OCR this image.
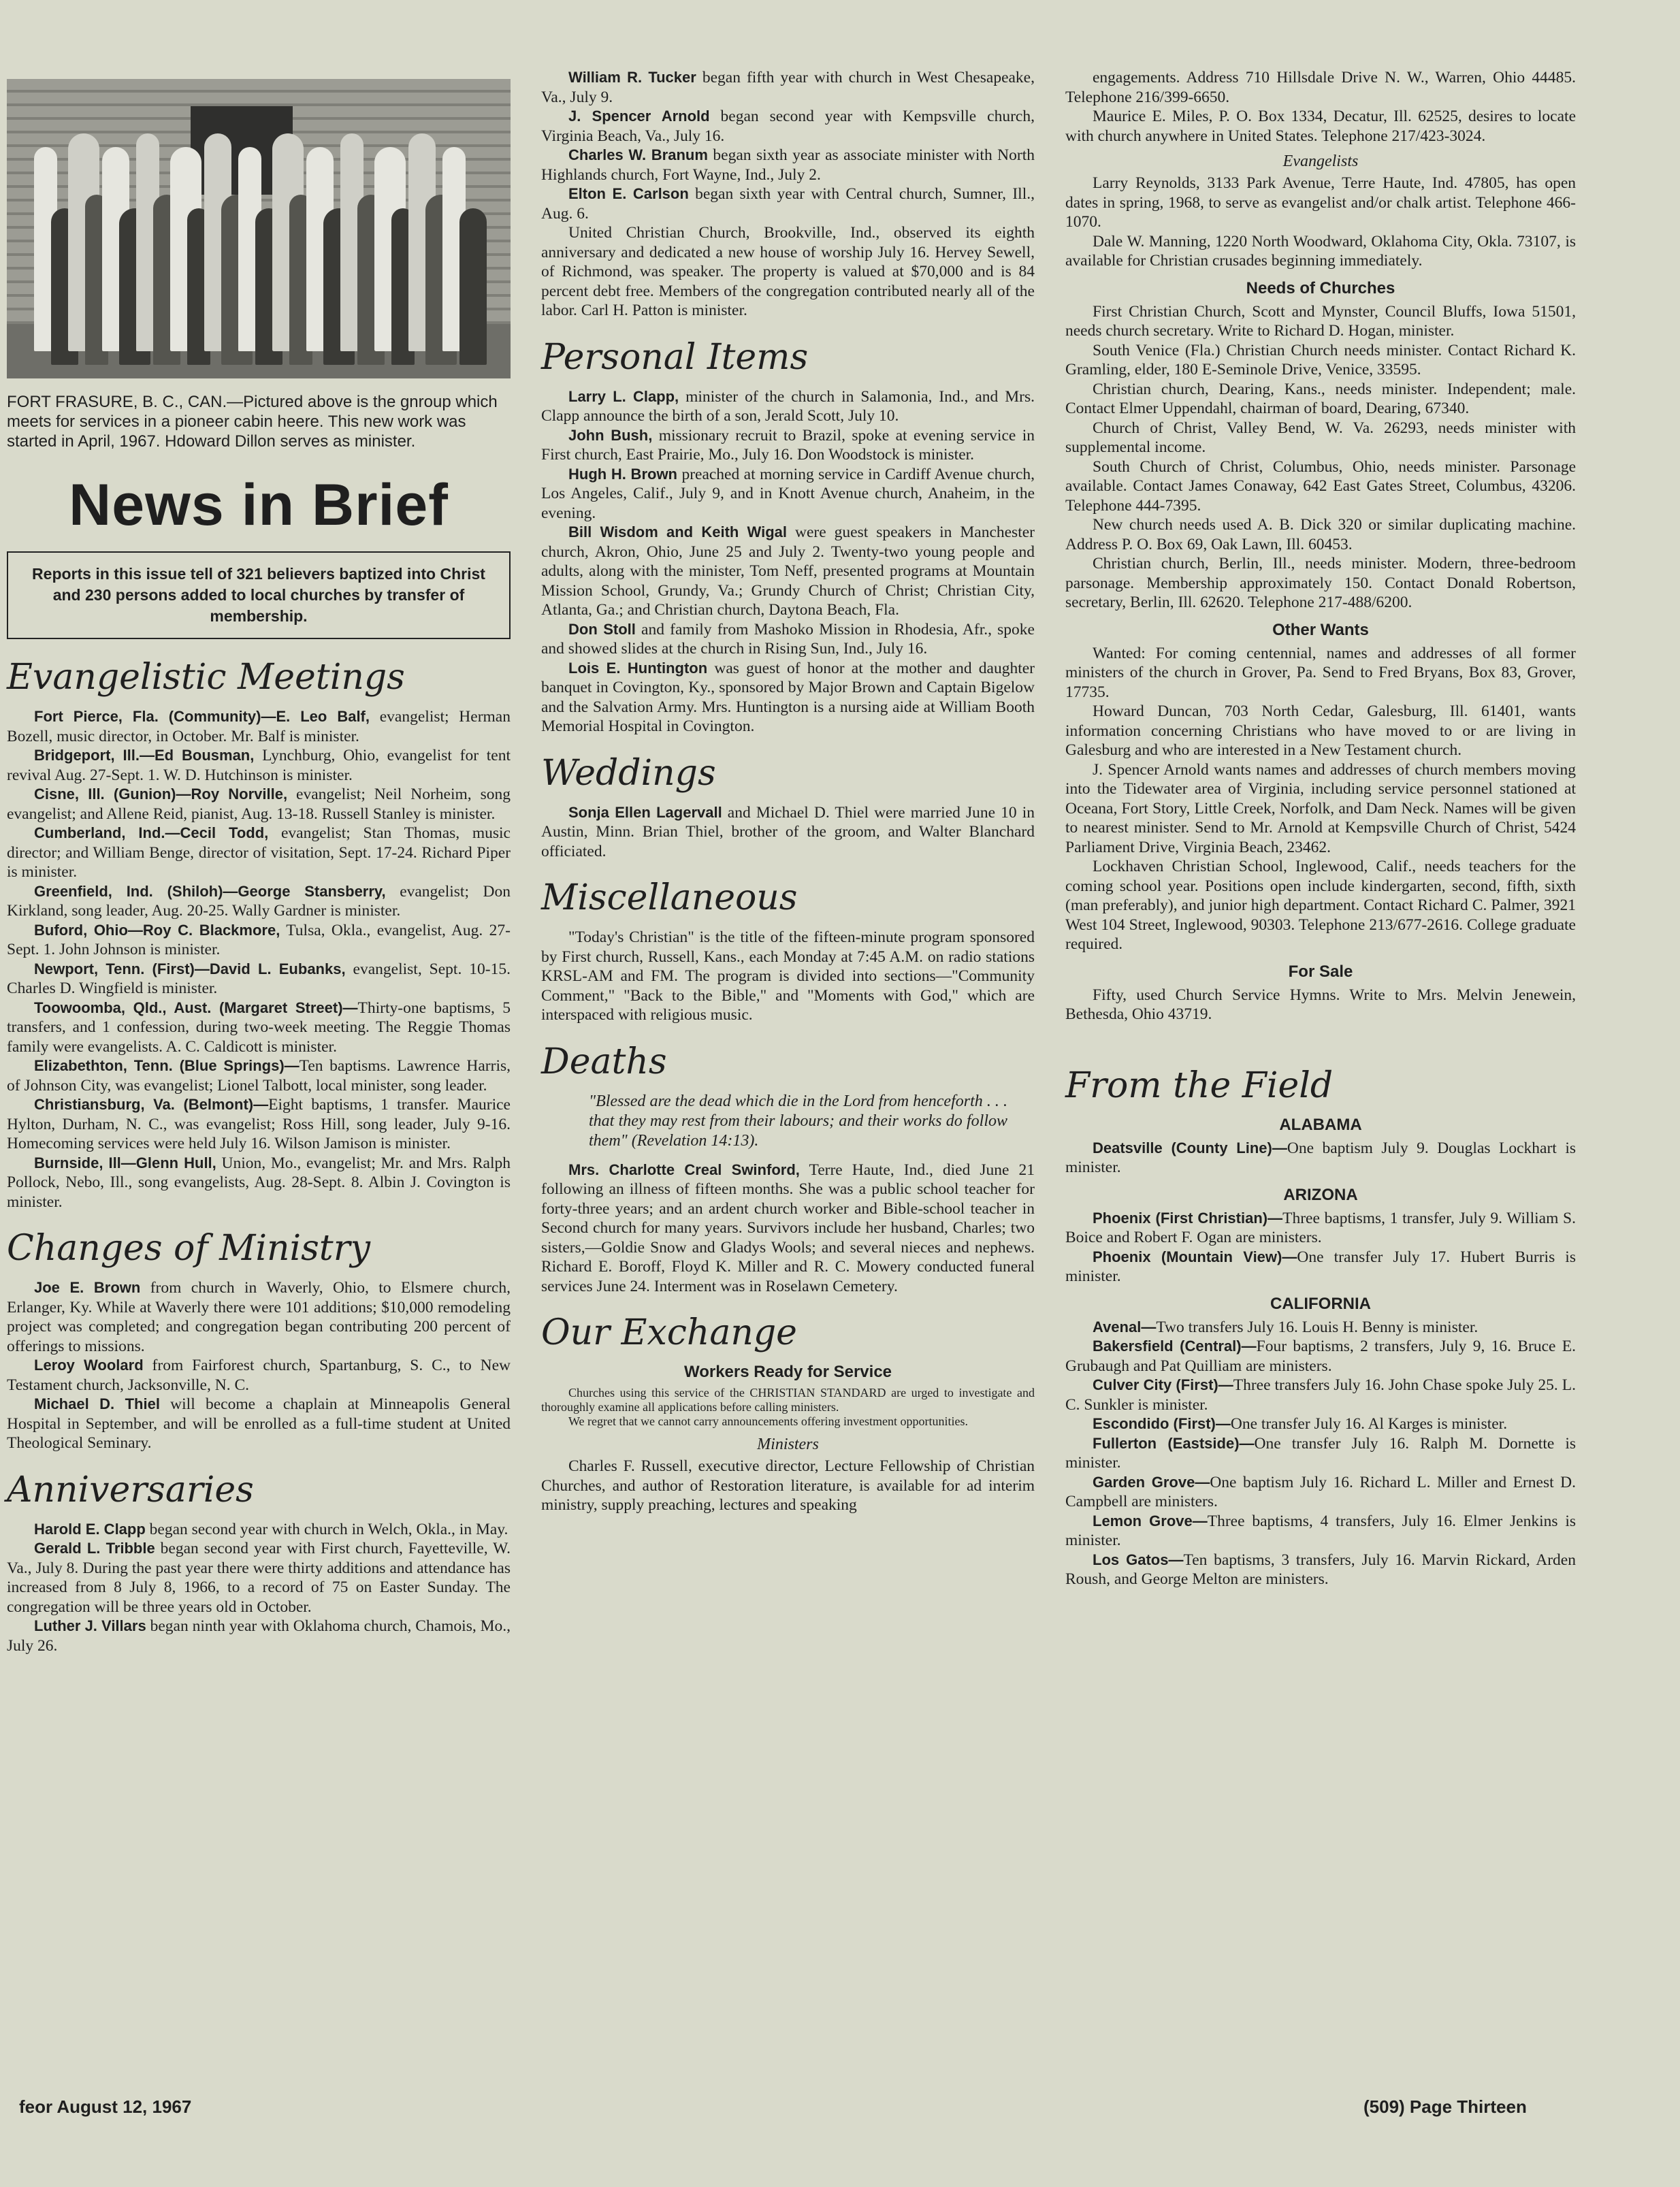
FORT FRASURE, B. C., CAN.—Pictured above is the gnroup which meets for services in a pioneer cabin heere. This new work was started in April, 1967. Hdoward Dillon serves as minister.
News in Brief
Reports in this issue tell of 321 believers baptized into Christ and 230 persons added to local churches by transfer of membership.
Evangelistic Meetings

Fort Pierce, Fla. (Community)—E. Leo Balf, evangelist; Herman Bozell, music director, in October. Mr. Balf is minister.

Bridgeport, Ill.—Ed Bousman, Lynchburg, Ohio, evangelist for tent revival Aug. 27-Sept. 1. W. D. Hutchinson is minister.

Cisne, Ill. (Gunion)—Roy Norville, evangelist; Neil Norheim, song evangelist; and Allene Reid, pianist, Aug. 13-18. Russell Stanley is minister.

Cumberland, Ind.—Cecil Todd, evangelist; Stan Thomas, music director; and William Benge, director of visitation, Sept. 17-24. Richard Piper is minister.

Greenfield, Ind. (Shiloh)—George Stansberry, evangelist; Don Kirkland, song leader, Aug. 20-25. Wally Gardner is minister.

Buford, Ohio—Roy C. Blackmore, Tulsa, Okla., evangelist, Aug. 27-Sept. 1. John Johnson is minister.

Newport, Tenn. (First)—David L. Eubanks, evangelist, Sept. 10-15. Charles D. Wingfield is minister.

Toowoomba, Qld., Aust. (Margaret Street)—Thirty-one baptisms, 5 transfers, and 1 confession, during two-week meeting. The Reggie Thomas family were evangelists. A. C. Caldicott is minister.

Elizabethton, Tenn. (Blue Springs)—Ten baptisms. Lawrence Harris, of Johnson City, was evangelist; Lionel Talbott, local minister, song leader.

Christiansburg, Va. (Belmont)—Eight baptisms, 1 transfer. Maurice Hylton, Durham, N. C., was evangelist; Ross Hill, song leader, July 9-16. Homecoming services were held July 16. Wilson Jamison is minister.

Burnside, Ill—Glenn Hull, Union, Mo., evangelist; Mr. and Mrs. Ralph Pollock, Nebo, Ill., song evangelists, Aug. 28-Sept. 8. Albin J. Covington is minister.

Changes of Ministry

Joe E. Brown from church in Waverly, Ohio, to Elsmere church, Erlanger, Ky. While at Waverly there were 101 additions; $10,000 remodeling project was completed; and congregation began contributing 200 percent of offerings to missions.

Leroy Woolard from Fairforest church, Spartanburg, S. C., to New Testament church, Jacksonville, N. C.

Michael D. Thiel will become a chaplain at Minneapolis General Hospital in September, and will be enrolled as a full-time student at United Theological Seminary.

Anniversaries

Harold E. Clapp began second year with church in Welch, Okla., in May.

Gerald L. Tribble began second year with First church, Fayetteville, W. Va., July 8. During the past year there were thirty additions and attendance has increased from 8 July 8, 1966, to a record of 75 on Easter Sunday. The congregation will be three years old in October.

Luther J. Villars began ninth year with Oklahoma church, Chamois, Mo., July 26.

William R. Tucker began fifth year with church in West Chesapeake, Va., July 9.

J. Spencer Arnold began second year with Kempsville church, Virginia Beach, Va., July 16.

Charles W. Branum began sixth year as associate minister with North Highlands church, Fort Wayne, Ind., July 2.

Elton E. Carlson began sixth year with Central church, Sumner, Ill., Aug. 6.

United Christian Church, Brookville, Ind., observed its eighth anniversary and dedicated a new house of worship July 16. Hervey Sewell, of Richmond, was speaker. The property is valued at $70,000 and is 84 percent debt free. Members of the congregation contributed nearly all of the labor. Carl H. Patton is minister.

Personal Items

Larry L. Clapp, minister of the church in Salamonia, Ind., and Mrs. Clapp announce the birth of a son, Jerald Scott, July 10.

John Bush, missionary recruit to Brazil, spoke at evening service in First church, East Prairie, Mo., July 16. Don Woodstock is minister.

Hugh H. Brown preached at morning service in Cardiff Avenue church, Los Angeles, Calif., July 9, and in Knott Avenue church, Anaheim, in the evening.

Bill Wisdom and Keith Wigal were guest speakers in Manchester church, Akron, Ohio, June 25 and July 2. Twenty-two young people and adults, along with the minister, Tom Neff, presented programs at Mountain Mission School, Grundy, Va.; Grundy Church of Christ; Christian City, Atlanta, Ga.; and Christian church, Daytona Beach, Fla.

Don Stoll and family from Mashoko Mission in Rhodesia, Afr., spoke and showed slides at the church in Rising Sun, Ind., July 16.

Lois E. Huntington was guest of honor at the mother and daughter banquet in Covington, Ky., sponsored by Major Brown and Captain Bigelow and the Salvation Army. Mrs. Huntington is a nursing aide at William Booth Memorial Hospital in Covington.

Weddings

Sonja Ellen Lagervall and Michael D. Thiel were married June 10 in Austin, Minn. Brian Thiel, brother of the groom, and Walter Blanchard officiated.

Miscellaneous

"Today's Christian" is the title of the fifteen-minute program sponsored by First church, Russell, Kans., each Monday at 7:45 A.M. on radio stations KRSL-AM and FM. The program is divided into sections—"Community Comment," "Back to the Bible," and "Moments with God," which are interspaced with religious music.

Deaths

"Blessed are the dead which die in the Lord from henceforth . . . that they may rest from their labours; and their works do follow them" (Revelation 14:13).

Mrs. Charlotte Creal Swinford, Terre Haute, Ind., died June 21 following an illness of fifteen months. She was a public school teacher for forty-three years; and an ardent church worker and Bible-school teacher in Second church for many years. Survivors include her husband, Charles; two sisters,—Goldie Snow and Gladys Wools; and several nieces and nephews. Richard E. Boroff, Floyd K. Miller and R. C. Mowery conducted funeral services June 24. Interment was in Roselawn Cemetery.

Our Exchange
Workers Ready for Service

Churches using this service of the CHRISTIAN STANDARD are urged to investigate and thoroughly examine all applications before calling ministers.

We regret that we cannot carry announcements offering investment opportunities.

Ministers

Charles F. Russell, executive director, Lecture Fellowship of Christian Churches, and author of Restoration literature, is available for ad interim ministry, supply preaching, lectures and speaking

engagements. Address 710 Hillsdale Drive N. W., Warren, Ohio 44485. Telephone 216/399-6650.

Maurice E. Miles, P. O. Box 1334, Decatur, Ill. 62525, desires to locate with church anywhere in United States. Telephone 217/423-3024.

Evangelists

Larry Reynolds, 3133 Park Avenue, Terre Haute, Ind. 47805, has open dates in spring, 1968, to serve as evangelist and/or chalk artist. Telephone 466-1070.

Dale W. Manning, 1220 North Woodward, Oklahoma City, Okla. 73107, is available for Christian crusades beginning immediately.

Needs of Churches

First Christian Church, Scott and Mynster, Council Bluffs, Iowa 51501, needs church secretary. Write to Richard D. Hogan, minister.

South Venice (Fla.) Christian Church needs minister. Contact Richard K. Gramling, elder, 180 E-Seminole Drive, Venice, 33595.

Christian church, Dearing, Kans., needs minister. Independent; male. Contact Elmer Uppendahl, chairman of board, Dearing, 67340.

Church of Christ, Valley Bend, W. Va. 26293, needs minister with supplemental income.

South Church of Christ, Columbus, Ohio, needs minister. Parsonage available. Contact James Conaway, 642 East Gates Street, Columbus, 43206. Telephone 444-7395.

New church needs used A. B. Dick 320 or similar duplicating machine. Address P. O. Box 69, Oak Lawn, Ill. 60453.

Christian church, Berlin, Ill., needs minister. Modern, three-bedroom parsonage. Membership approximately 150. Contact Donald Robertson, secretary, Berlin, Ill. 62620. Telephone 217-488/6200.

Other Wants

Wanted: For coming centennial, names and addresses of all former ministers of the church in Grover, Pa. Send to Fred Bryans, Box 83, Grover, 17735.

Howard Duncan, 703 North Cedar, Galesburg, Ill. 61401, wants information concerning Christians who have moved to or are living in Galesburg and who are interested in a New Testament church.

J. Spencer Arnold wants names and addresses of church members moving into the Tidewater area of Virginia, including service personnel stationed at Oceana, Fort Story, Little Creek, Norfolk, and Dam Neck. Names will be given to nearest minister. Send to Mr. Arnold at Kempsville Church of Christ, 5424 Parliament Drive, Virginia Beach, 23462.

Lockhaven Christian School, Inglewood, Calif., needs teachers for the coming school year. Positions open include kindergarten, second, fifth, sixth (man preferably), and junior high department. Contact Richard C. Palmer, 3921 West 104 Street, Inglewood, 90303. Telephone 213/677-2616. College graduate required.

For Sale

Fifty, used Church Service Hymns. Write to Mrs. Melvin Jenewein, Bethesda, Ohio 43719.

From the Field
ALABAMA

Deatsville (County Line)—One baptism July 9. Douglas Lockhart is minister.

ARIZONA

Phoenix (First Christian)—Three baptisms, 1 transfer, July 9. William S. Boice and Robert F. Ogan are ministers.

Phoenix (Mountain View)—One transfer July 17. Hubert Burris is minister.

CALIFORNIA

Avenal—Two transfers July 16. Louis H. Benny is minister.

Bakersfield (Central)—Four baptisms, 2 transfers, July 9, 16. Bruce E. Grubaugh and Pat Quilliam are ministers.

Culver City (First)—Three transfers July 16. John Chase spoke July 25. L. C. Sunkler is minister.

Escondido (First)—One transfer July 16. Al Karges is minister.

Fullerton (Eastside)—One transfer July 16. Ralph M. Dornette is minister.

Garden Grove—One baptism July 16. Richard L. Miller and Ernest D. Campbell are ministers.

Lemon Grove—Three baptisms, 4 transfers, July 16. Elmer Jenkins is minister.

Los Gatos—Ten baptisms, 3 transfers, July 16. Marvin Rickard, Arden Roush, and George Melton are ministers.

feor August 12, 1967	(509) Page Thirteen
